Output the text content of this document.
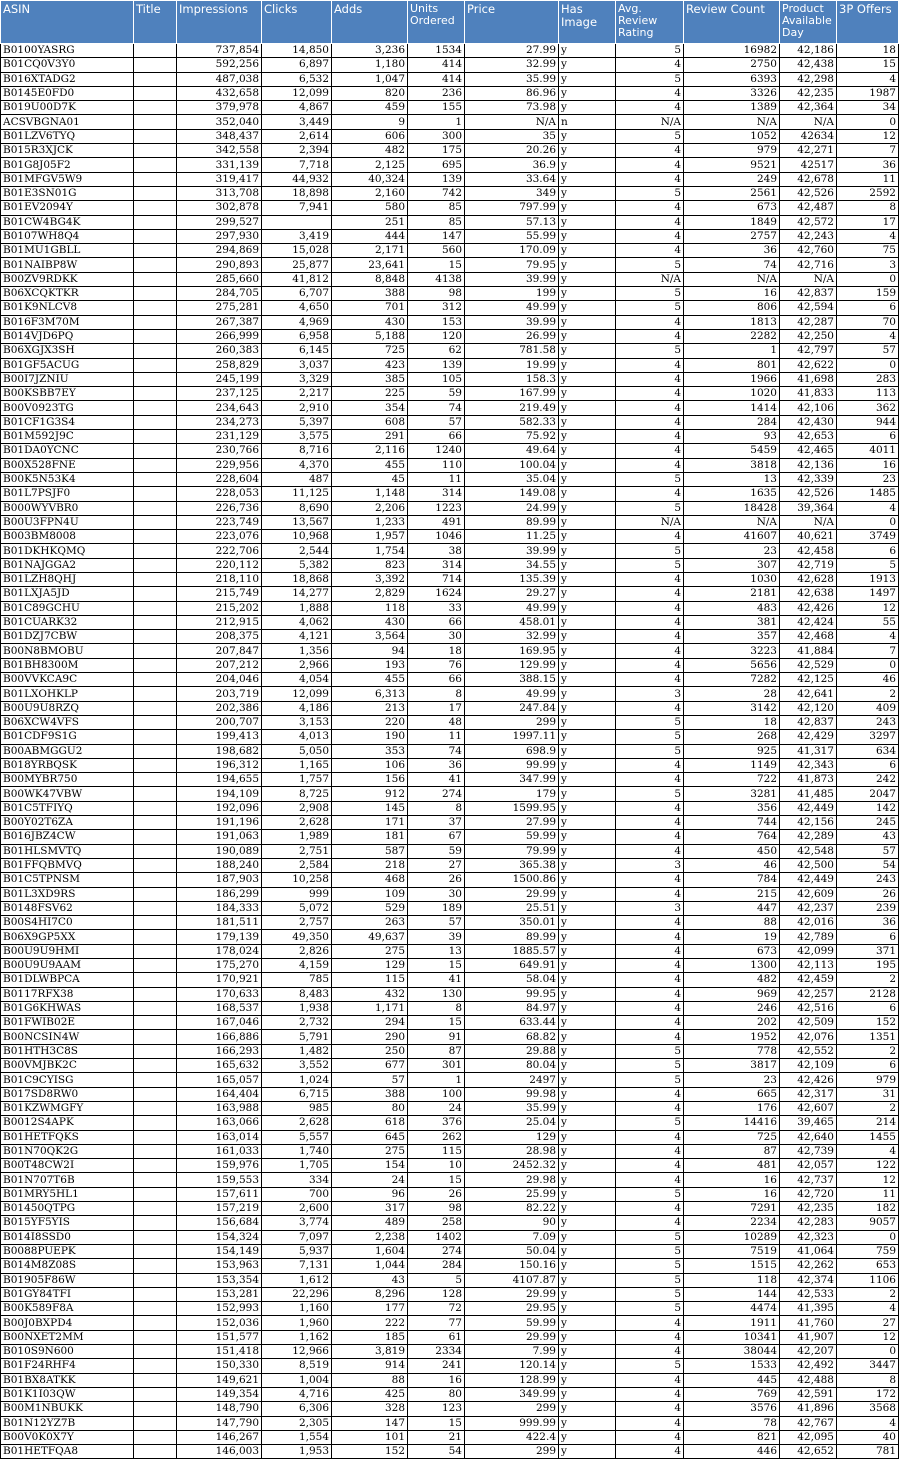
ASIN	Title	Impressions	Clicks	Adds	Units Ordered	Price	Has Image	Avg. Review Rating	Review Count	Product Available Day	3P Offers
B0100YASRG		737,854	14,850	3,236	1534	27.99	y	5	16982	42,186	18
B01CQ0V3Y0		592,256	6,897	1,180	414	32.99	y	4	2750	42,438	15
B016XTADG2		487,038	6,532	1,047	414	35.99	y	5	6393	42,298	4
B0145E0FD0		432,658	12,099	820	236	86.96	y	4	3326	42,235	1987
B019U00D7K		379,978	4,867	459	155	73.98	y	4	1389	42,364	34
ACSVBGNA01		352,040	3,449	9	1	N/A	n	N/A	N/A	N/A	0
B01LZV6TYQ		348,437	2,614	606	300	35	y	5	1052	42634	12
B015R3XJCK		342,558	2,394	482	175	20.26	y	4	979	42,271	7
B01G8J05F2		331,139	7,718	2,125	695	36.9	y	4	9521	42517	36
B01MFGV5W9		319,417	44,932	40,324	139	33.64	y	4	249	42,678	11
B01E3SN01G		313,708	18,898	2,160	742	349	y	5	2561	42,526	2592
B01EV2094Y		302,878	7,941	580	85	797.99	y	4	673	42,487	8
B01CW4BG4K		299,527		251	85	57.13	y	4	1849	42,572	17
B0107WH8Q4		297,930	3,419	444	147	55.99	y	4	2757	42,243	4
B01MU1GBLL		294,869	15,028	2,171	560	170.09	y	4	36	42,760	75
B01NAIBP8W		290,893	25,877	23,641	15	79.95	y	5	74	42,716	3
B00ZV9RDKK		285,660	41,812	8,848	4138	39.99	y	N/A	N/A	N/A	0
B06XCQKTKR		284,705	6,707	388	98	199	y	5	16	42,837	159
B01K9NLCV8		275,281	4,650	701	312	49.99	y	5	806	42,594	6
B016F3M70M		267,387	4,969	430	153	39.99	y	4	1813	42,287	70
B014VJD6PQ		266,999	6,958	5,188	120	26.99	y	4	2282	42,250	4
B06XGJX3SH		260,383	6,145	725	62	781.58	y	5	1	42,797	57
B01GF5ACUG		258,829	3,037	423	139	19.99	y	4	801	42,622	0
B00I7JZNIU		245,199	3,329	385	105	158.3	y	4	1966	41,698	283
B00KSBB7EY		237,125	2,217	225	59	167.99	y	4	1020	41,833	113
B00V0923TG		234,643	2,910	354	74	219.49	y	4	1414	42,106	362
B01CF1G3S4		234,273	5,397	608	57	582.33	y	4	284	42,430	944
B01M592J9C		231,129	3,575	291	66	75.92	y	4	93	42,653	6
B01DA0YCNC		230,766	8,716	2,116	1240	49.64	y	4	5459	42,465	4011
B00X528FNE		229,956	4,370	455	110	100.04	y	4	3818	42,136	16
B00K5N53K4		228,604	487	45	11	35.04	y	5	13	42,339	23
B01L7PSJF0		228,053	11,125	1,148	314	149.08	y	4	1635	42,526	1485
B000WYVBR0		226,736	8,690	2,206	1223	24.99	y	5	18428	39,364	4
B00U3FPN4U		223,749	13,567	1,233	491	89.99	y	N/A	N/A	N/A	0
B003BM8008		223,076	10,968	1,957	1046	11.25	y	4	41607	40,621	3749
B01DKHKQMQ		222,706	2,544	1,754	38	39.99	y	5	23	42,458	6
B01NAJGGA2		220,112	5,382	823	314	34.55	y	5	307	42,719	5
B01LZH8QHJ		218,110	18,868	3,392	714	135.39	y	4	1030	42,628	1913
B01LXJA5JD		215,749	14,277	2,829	1624	29.27	y	4	2181	42,638	1497
B01C89GCHU		215,202	1,888	118	33	49.99	y	4	483	42,426	12
B01CUARK32		212,915	4,062	430	66	458.01	y	4	381	42,424	55
B01DZJ7CBW		208,375	4,121	3,564	30	32.99	y	4	357	42,468	4
B00N8BMOBU		207,847	1,356	94	18	169.95	y	4	3223	41,884	7
B01BH8300M		207,212	2,966	193	76	129.99	y	4	5656	42,529	0
B00VVKCA9C		204,046	4,054	455	66	388.15	y	4	7282	42,125	46
B01LXOHKLP		203,719	12,099	6,313	8	49.99	y	3	28	42,641	2
B00U9U8RZQ		202,386	4,186	213	17	247.84	y	4	3142	42,120	409
B06XCW4VFS		200,707	3,153	220	48	299	y	5	18	42,837	243
B01CDF9S1G		199,413	4,013	190	11	1997.11	y	5	268	42,429	3297
B00ABMGGU2		198,682	5,050	353	74	698.9	y	5	925	41,317	634
B018YRBQSK		196,312	1,165	106	36	99.99	y	4	1149	42,343	6
B00MYBR750		194,655	1,757	156	41	347.99	y	4	722	41,873	242
B00WK47VBW		194,109	8,725	912	274	179	y	5	3281	41,485	2047
B01C5TFIYQ		192,096	2,908	145	8	1599.95	y	4	356	42,449	142
B00Y02T6ZA		191,196	2,628	171	37	27.99	y	4	744	42,156	245
B016JBZ4CW		191,063	1,989	181	67	59.99	y	4	764	42,289	43
B01HLSMVTQ		190,089	2,751	587	59	79.99	y	4	450	42,548	57
B01FFQBMVQ		188,240	2,584	218	27	365.38	y	3	46	42,500	54
B01C5TPNSM		187,903	10,258	468	26	1500.86	y	4	784	42,449	243
B01L3XD9RS		186,299	999	109	30	29.99	y	4	215	42,609	26
B0148FSV62		184,333	5,072	529	189	25.51	y	3	447	42,237	239
B00S4HI7C0		181,511	2,757	263	57	350.01	y	4	88	42,016	36
B06X9GP5XX		179,139	49,350	49,637	39	89.99	y	4	19	42,789	6
B00U9U9HMI		178,024	2,826	275	13	1885.57	y	4	673	42,099	371
B00U9U9AAM		175,270	4,159	129	15	649.91	y	4	1300	42,113	195
B01DLWBPCA		170,921	785	115	41	58.04	y	4	482	42,459	2
B0117RFX38		170,633	8,483	432	130	99.95	y	4	969	42,257	2128
B01G6KHWAS		168,537	1,938	1,171	8	84.97	y	4	246	42,516	6
B01FWIB02E		167,046	2,732	294	15	633.44	y	4	202	42,509	152
B00NCSIN4W		166,886	5,791	290	91	68.82	y	4	1952	42,076	1351
B01HTH3C8S		166,293	1,482	250	87	29.88	y	5	778	42,552	2
B00VMJBK2C		165,632	3,552	677	301	80.04	y	5	3817	42,109	6
B01C9CYISG		165,057	1,024	57	1	2497	y	5	23	42,426	979
B017SD8RW0		164,404	6,715	388	100	99.98	y	4	665	42,317	31
B01KZWMGFY		163,988	985	80	24	35.99	y	4	176	42,607	2
B0012S4APK		163,066	2,628	618	376	25.04	y	5	14416	39,465	214
B01HETFQKS		163,014	5,557	645	262	129	y	4	725	42,640	1455
B01N70QK2G		161,033	1,740	275	115	28.98	y	4	87	42,739	4
B00T48CW2I		159,976	1,705	154	10	2452.32	y	4	481	42,057	122
B01N707T6B		159,553	334	24	15	29.98	y	4	16	42,737	12
B01MRY5HL1		157,611	700	96	26	25.99	y	5	16	42,720	11
B01450QTPG		157,219	2,600	317	98	82.22	y	4	7291	42,235	182
B015YF5YIS		156,684	3,774	489	258	90	y	4	2234	42,283	9057
B014I8SSD0		154,324	7,097	2,238	1402	7.09	y	5	10289	42,323	0
B0088PUEPK		154,149	5,937	1,604	274	50.04	y	5	7519	41,064	759
B014M8Z08S		153,963	7,131	1,044	284	150.16	y	5	1515	42,262	653
B01905F86W		153,354	1,612	43	5	4107.87	y	5	118	42,374	1106
B01GY84TFI		153,281	22,296	8,296	128	29.99	y	5	144	42,533	2
B00K589F8A		152,993	1,160	177	72	29.95	y	5	4474	41,395	4
B00J0BXPD4		152,036	1,960	222	77	59.99	y	4	1911	41,760	27
B00NXET2MM		151,577	1,162	185	61	29.99	y	4	10341	41,907	12
B010S9N600		151,418	12,966	3,819	2334	7.99	y	4	38044	42,207	0
B01F24RHF4		150,330	8,519	914	241	120.14	y	5	1533	42,492	3447
B01BX8ATKK		149,621	1,004	88	16	128.99	y	4	445	42,488	8
B01K1I03QW		149,354	4,716	425	80	349.99	y	4	769	42,591	172
B00M1NBUKK		148,790	6,306	328	123	299	y	4	3576	41,896	3568
B01N12YZ7B		147,790	2,305	147	15	999.99	y	4	78	42,767	4
B00V0K0X7Y		146,267	1,554	101	21	422.4	y	4	821	42,095	40
B01HETFQA8		146,003	1,953	152	54	299	y	4	446	42,652	781
